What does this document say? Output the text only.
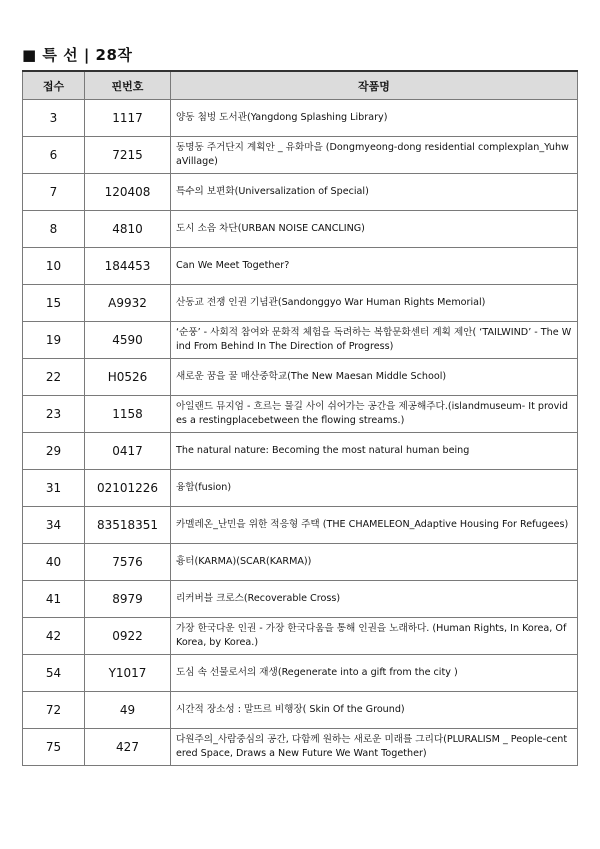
■ 특 선 | 28작
접수	핀번호	작품명
3	1117	양동 첨벙 도서관(Yangdong Splashing Library)
6	7215	동명동 주거단지 계획안 _ 유화마을 (Dongmyeong-dong residential complexplan_YuhwaVillage)
7	120408	특수의 보편화(Universalization of Special)
8	4810	도시 소음 차단(URBAN NOISE CANCLING)
10	184453	Can We Meet Together?
15	A9932	산동교 전쟁 인권 기념관(Sandonggyo War Human Rights Memorial)
19	4590	‘순풍’ - 사회적 참여와 문화적 체험을 독려하는 복합문화센터 계획 제안( ‘TAILWIND’ - The Wind From Behind In The Direction of Progress)
22	H0526	새로운 꿈을 꿀 매산중학교(The New Maesan Middle School)
23	1158	아일랜드 뮤지엄 - 흐르는 물길 사이 쉬어가는 공간을 제공해주다.(islandmuseum- It provides a restingplacebetween the flowing streams.)
29	0417	The natural nature: Becoming the most natural human being
31	02101226	융합(fusion)
34	83518351	카멜레온_난민을 위한 적응형 주택 (THE CHAMELEON_Adaptive Housing For Refugees)
40	7576	흉터(KARMA)(SCAR(KARMA))
41	8979	리커버블 크로스(Recoverable Cross)
42	0922	가장 한국다운 인권 - 가장 한국다움을 통해 인권을 노래하다. (Human Rights, In Korea, Of Korea, by Korea.)
54	Y1017	도심 속 선물로서의 재생(Regenerate into a gift from the city )
72	49	시간적 장소성 : 말뜨르 비행장( Skin Of the Ground)
75	427	다원주의_사람중심의 공간, 다함께 원하는 새로운 미래를 그리다(PLURALISM _ People-centered Space, Draws a New Future We Want Together)
